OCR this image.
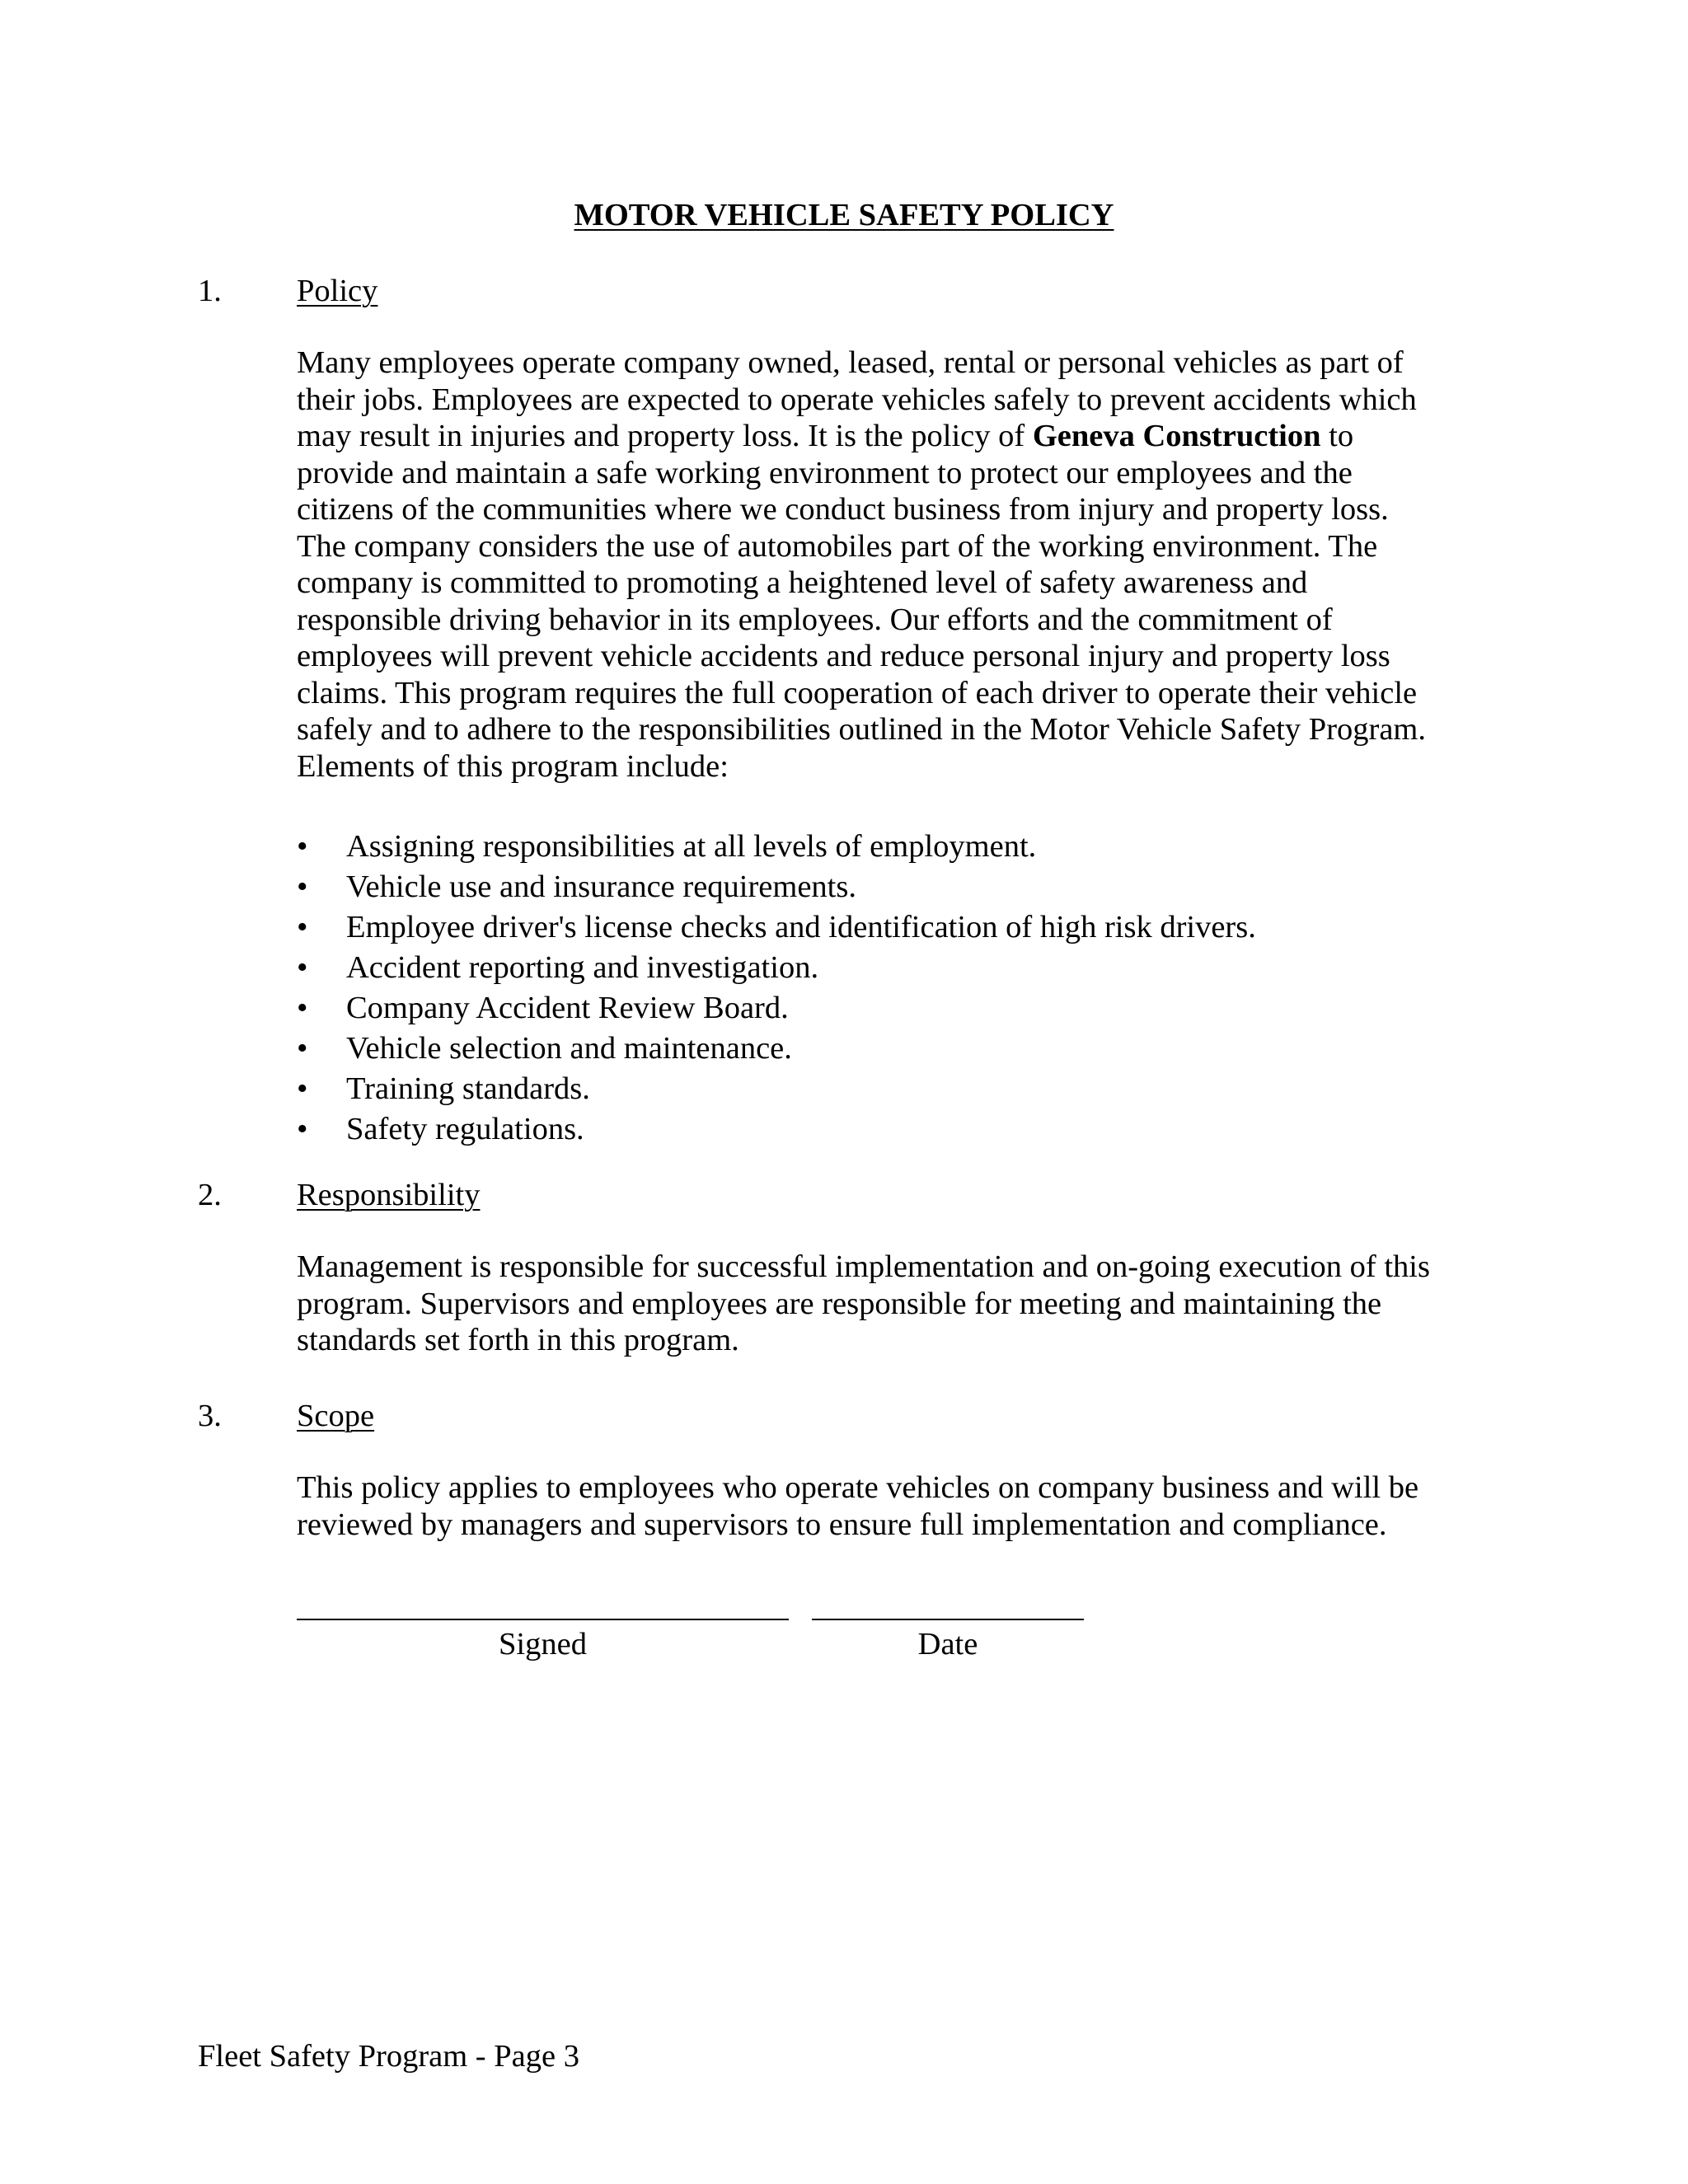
MOTOR VEHICLE SAFETY POLICY
1. Policy

Many employees operate company owned, leased, rental or personal vehicles as part of
their jobs. Employees are expected to operate vehicles safely to prevent accidents which
may result in injuries and property loss. It is the policy of Geneva Construction to
provide and maintain a safe working environment to protect our employees and the
citizens of the communities where we conduct business from injury and property loss.
The company considers the use of automobiles part of the working environment. The
company is committed to promoting a heightened level of safety awareness and
responsible driving behavior in its employees. Our efforts and the commitment of
employees will prevent vehicle accidents and reduce personal injury and property loss
claims. This program requires the full cooperation of each driver to operate their vehicle
safely and to adhere to the responsibilities outlined in the Motor Vehicle Safety Program.
Elements of this program include:

•	Assigning responsibilities at all levels of employment.
•	Vehicle use and insurance requirements.
•	Employee driver's license checks and identification of high risk drivers.
•	Accident reporting and investigation.
•	Company Accident Review Board.
•	Vehicle selection and maintenance.
•	Training standards.
•	Safety regulations.
2. Responsibility

Management is responsible for successful implementation and on-going execution of this
program. Supervisors and employees are responsible for meeting and maintaining the
standards set forth in this program.

3. Scope

This policy applies to employees who operate vehicles on company business and will be
reviewed by managers and supervisors to ensure full implementation and compliance.

Signed	Date
Fleet Safety Program - Page 3
